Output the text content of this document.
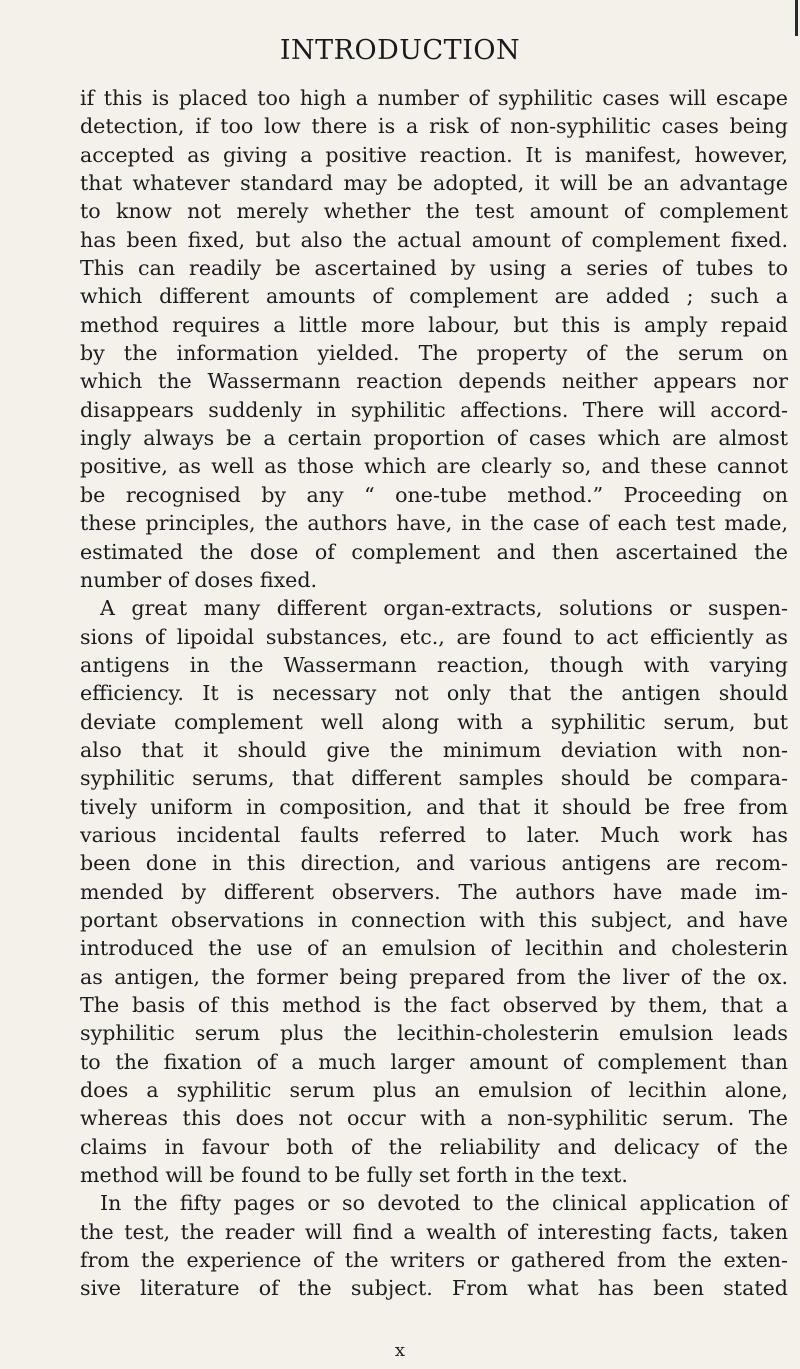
INTRODUCTION
if this is placed too high a number of syphilitic cases will escape
detection, if too low there is a risk of non-syphilitic cases being
accepted as giving a positive reaction. It is manifest, however,
that whatever standard may be adopted, it will be an advantage
to know not merely whether the test amount of complement
has been fixed, but also the actual amount of complement fixed.
This can readily be ascertained by using a series of tubes to
which different amounts of complement are added ; such a
method requires a little more labour, but this is amply repaid
by the information yielded. The property of the serum on
which the Wassermann reaction depends neither appears nor
disappears suddenly in syphilitic affections. There will accord-
ingly always be a certain proportion of cases which are almost
positive, as well as those which are clearly so, and these cannot
be recognised by any “ one-tube method.” Proceeding on
these principles, the authors have, in the case of each test made,
estimated the dose of complement and then ascertained the
number of doses fixed.
A great many different organ-extracts, solutions or suspen-
sions of lipoidal substances, etc., are found to act efficiently as
antigens in the Wassermann reaction, though with varying
efficiency. It is necessary not only that the antigen should
deviate complement well along with a syphilitic serum, but
also that it should give the minimum deviation with non-
syphilitic serums, that different samples should be compara-
tively uniform in composition, and that it should be free from
various incidental faults referred to later. Much work has
been done in this direction, and various antigens are recom-
mended by different observers. The authors have made im-
portant observations in connection with this subject, and have
introduced the use of an emulsion of lecithin and cholesterin
as antigen, the former being prepared from the liver of the ox.
The basis of this method is the fact observed by them, that a
syphilitic serum plus the lecithin-cholesterin emulsion leads
to the fixation of a much larger amount of complement than
does a syphilitic serum plus an emulsion of lecithin alone,
whereas this does not occur with a non-syphilitic serum. The
claims in favour both of the reliability and delicacy of the
method will be found to be fully set forth in the text.
In the fifty pages or so devoted to the clinical application of
the test, the reader will find a wealth of interesting facts, taken
from the experience of the writers or gathered from the exten-
sive literature of the subject. From what has been stated
x
